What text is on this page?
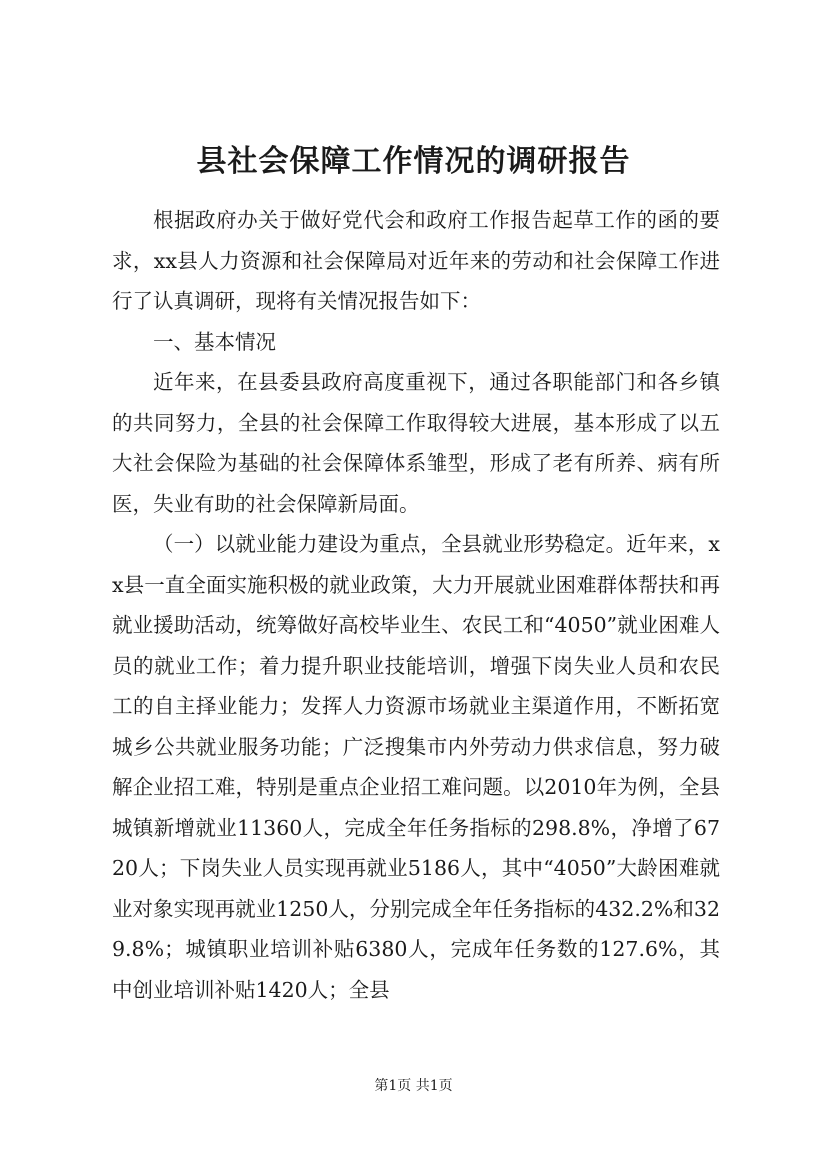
县社会保障工作情况的调研报告

根据政府办关于做好党代会和政府工作报告起草工作的函的要求，xx县人力资源和社会保障局对近年来的劳动和社会保障工作进行了认真调研，现将有关情况报告如下：

一、基本情况

近年来，在县委县政府高度重视下，通过各职能部门和各乡镇的共同努力，全县的社会保障工作取得较大进展，基本形成了以五大社会保险为基础的社会保障体系雏型，形成了老有所养、病有所医，失业有助的社会保障新局面。

（一）以就业能力建设为重点，全县就业形势稳定。近年来，xx县一直全面实施积极的就业政策，大力开展就业困难群体帮扶和再就业援助活动，统筹做好高校毕业生、农民工和“4050”就业困难人员的就业工作；着力提升职业技能培训，增强下岗失业人员和农民工的自主择业能力；发挥人力资源市场就业主渠道作用，不断拓宽城乡公共就业服务功能；广泛搜集市内外劳动力供求信息，努力破解企业招工难，特别是重点企业招工难问题。以2010年为例，全县城镇新增就业11360人，完成全年任务指标的298.8%，净增了6720人；下岗失业人员实现再就业5186人，其中“4050”大龄困难就业对象实现再就业1250人，分别完成全年任务指标的432.2%和329.8%；城镇职业培训补贴6380人，完成年任务数的127.6%，其中创业培训补贴1420人；全县

第1页 共1页
